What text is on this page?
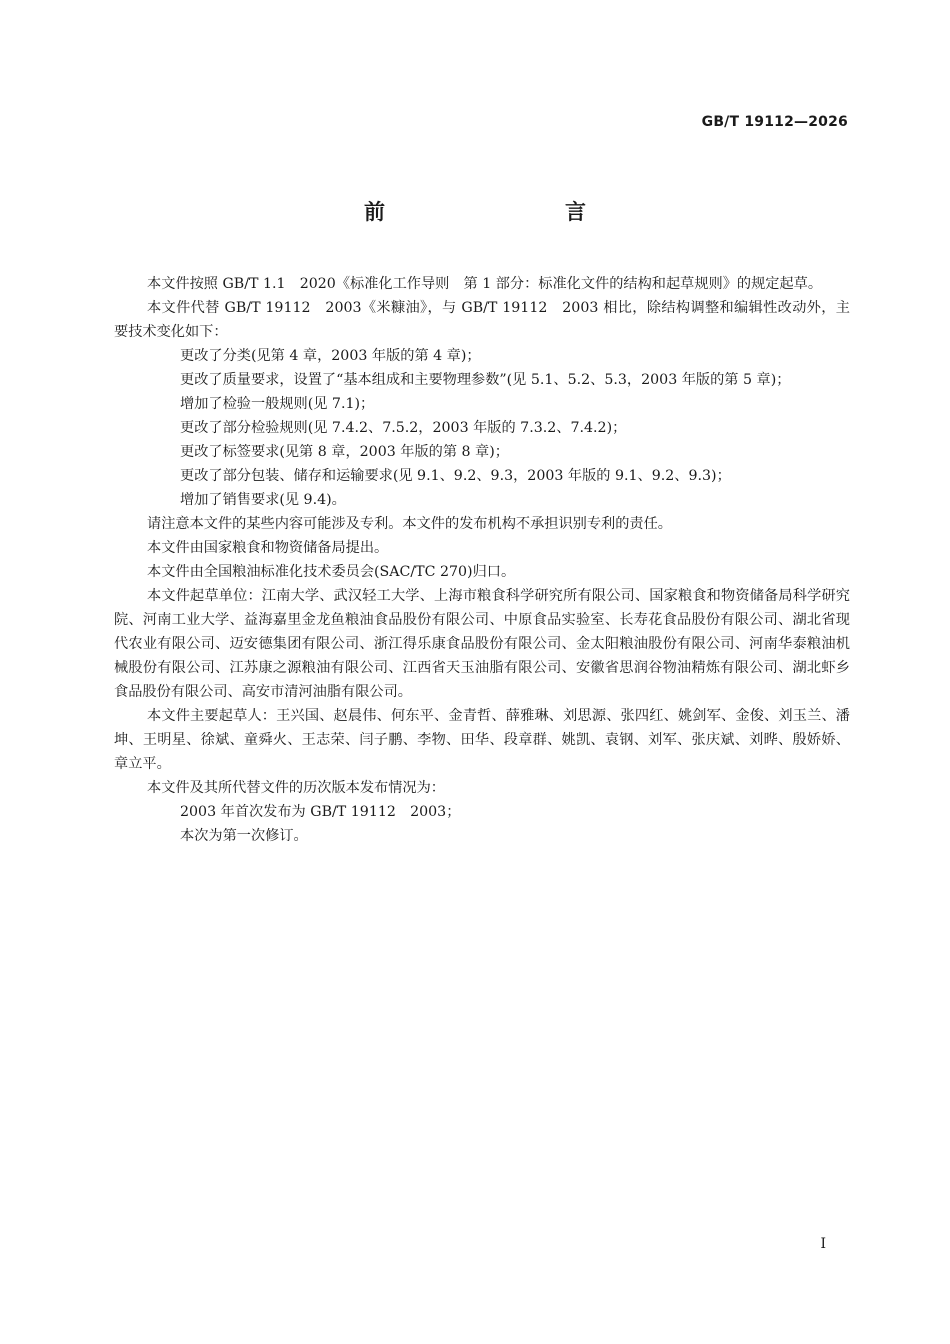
GB/T 19112—2026
前　　言

本文件按照 GB/T 1.1　2020《标准化工作导则　第 1 部分：标准化文件的结构和起草规则》的规定起草。

本文件代替 GB/T 19112　2003《米糠油》，与 GB/T 19112　2003 相比，除结构调整和编辑性改动外，主要技术变化如下：

更改了分类(见第 4 章，2003 年版的第 4 章)；

更改了质量要求，设置了“基本组成和主要物理参数”(见 5.1、5.2、5.3，2003 年版的第 5 章)；

增加了检验一般规则(见 7.1)；

更改了部分检验规则(见 7.4.2、7.5.2，2003 年版的 7.3.2、7.4.2)；

更改了标签要求(见第 8 章，2003 年版的第 8 章)；

更改了部分包装、储存和运输要求(见 9.1、9.2、9.3，2003 年版的 9.1、9.2、9.3)；

增加了销售要求(见 9.4)。

请注意本文件的某些内容可能涉及专利。本文件的发布机构不承担识别专利的责任。

本文件由国家粮食和物资储备局提出。

本文件由全国粮油标准化技术委员会(SAC/TC 270)归口。

本文件起草单位：江南大学、武汉轻工大学、上海市粮食科学研究所有限公司、国家粮食和物资储备局科学研究院、河南工业大学、益海嘉里金龙鱼粮油食品股份有限公司、中原食品实验室、长寿花食品股份有限公司、湖北省现代农业有限公司、迈安德集团有限公司、浙江得乐康食品股份有限公司、金太阳粮油股份有限公司、河南华泰粮油机械股份有限公司、江苏康之源粮油有限公司、江西省天玉油脂有限公司、安徽省思润谷物油精炼有限公司、湖北虾乡食品股份有限公司、高安市清河油脂有限公司。

本文件主要起草人：王兴国、赵晨伟、何东平、金青哲、薛雅琳、刘思源、张四红、姚剑军、金俊、刘玉兰、潘坤、王明星、徐斌、童舜火、王志荣、闫子鹏、李物、田华、段章群、姚凯、袁钢、刘军、张庆斌、刘晔、殷娇娇、章立平。

本文件及其所代替文件的历次版本发布情况为：

2003 年首次发布为 GB/T 19112　2003；

本次为第一次修订。

I
